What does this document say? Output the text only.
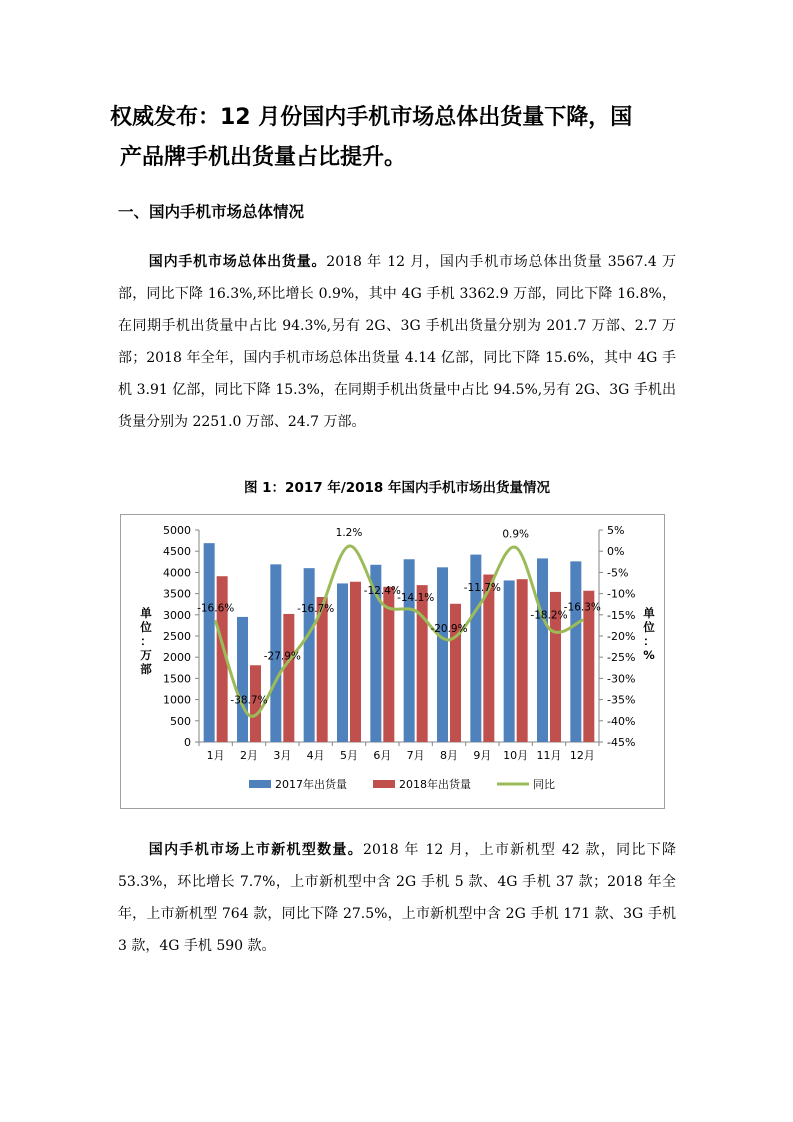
权威发布：12 月份国内手机市场总体出货量下降，国
产品牌手机出货量占比提升。
一、国内手机市场总体情况

国内手机市场总体出货量。2018 年 12 月，国内手机市场总体出货量 3567.4 万部，同比下降 16.3%,环比增长 0.9%，其中 4G 手机 3362.9 万部，同比下降 16.8%，在同期手机出货量中占比 94.3%,另有 2G、3G 手机出货量分别为 201.7 万部、2.7 万部；2018 年全年，国内手机市场总体出货量 4.14 亿部，同比下降 15.6%，其中 4G 手机 3.91 亿部，同比下降 15.3%，在同期手机出货量中占比 94.5%,另有 2G、3G 手机出货量分别为 2251.0 万部、24.7 万部。

图 1：2017 年/2018 年国内手机市场出货量情况
0
500
1000
1500
2000
2500
3000
3500
4000
4500
5000	5%
0%
-5%
-10%
-15%
-20%
-25%
-30%
-35%
-40%
-45%
1月 2月 3月 4月 5月 6月 7月 8月 9月 10月 11月 12月
-16.6%
-38.7%
-27.9%
-16.7%
1.2%
-12.4%
-14.1%
-20.9%
-11.7%
0.9%
-18.2%
-16.3%
单
位
：
万
部
单
位
：
%
2017年出货量	2018年出货量	同比

国内手机市场上市新机型数量。2018 年 12 月，上市新机型 42 款，同比下降 53.3%，环比增长 7.7%，上市新机型中含 2G 手机 5 款、4G 手机 37 款；2018 年全年，上市新机型 764 款，同比下降 27.5%，上市新机型中含 2G 手机 171 款、3G 手机 3 款，4G 手机 590 款。
